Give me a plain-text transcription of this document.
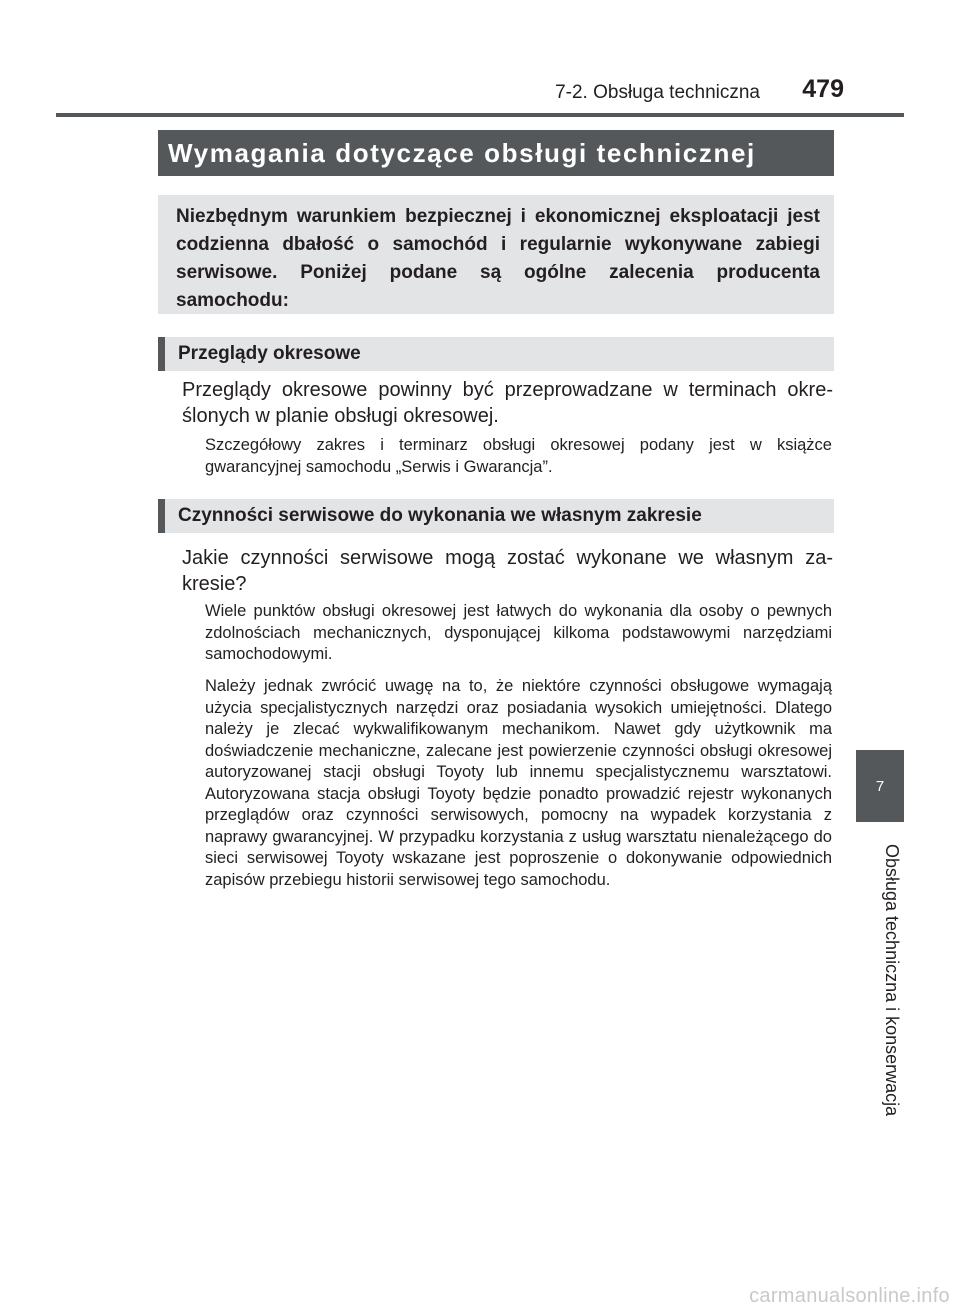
7-2. Obsługa techniczna	479
Wymagania dotyczące obsługi technicznej
Niezbędnym warunkiem bezpiecznej i ekonomicznej eksploatacji jest codzienna dbałość o samochód i regularnie wykonywane zabiegi serwisowe. Poniżej podane są ogólne zalecenia producenta samochodu:
Przeglądy okresowe
Przeglądy okresowe powinny być przeprowadzane w terminach określonych w planie obsługi okresowej.
Szczegółowy zakres i terminarz obsługi okresowej podany jest w książce gwarancyjnej samochodu „Serwis i Gwarancja”.
Czynności serwisowe do wykonania we własnym zakresie
Jakie czynności serwisowe mogą zostać wykonane we własnym zakresie?
Wiele punktów obsługi okresowej jest łatwych do wykonania dla osoby o pewnych zdolnościach mechanicznych, dysponującej kilkoma podstawowymi narzędziami samochodowymi.
Należy jednak zwrócić uwagę na to, że niektóre czynności obsługowe wymagają użycia specjalistycznych narzędzi oraz posiadania wysokich umiejętności. Dlatego należy je zlecać wykwalifikowanym mechanikom. Nawet gdy użytkownik ma doświadczenie mechaniczne, zalecane jest powierzenie czynności obsługi okresowej autoryzowanej stacji obsługi Toyoty lub innemu specjalistycznemu warsztatowi. Autoryzowana stacja obsługi Toyoty będzie ponadto prowadzić rejestr wykonanych przeglądów oraz czynności serwisowych, pomocny na wypadek korzystania z naprawy gwarancyjnej. W przypadku korzystania z usług warsztatu nienależącego do sieci serwisowej Toyoty wskazane jest poproszenie o dokonywanie odpowiednich zapisów przebiegu historii serwisowej tego samochodu.
7
Obsługa techniczna i konserwacja
carmanualsonline.info
